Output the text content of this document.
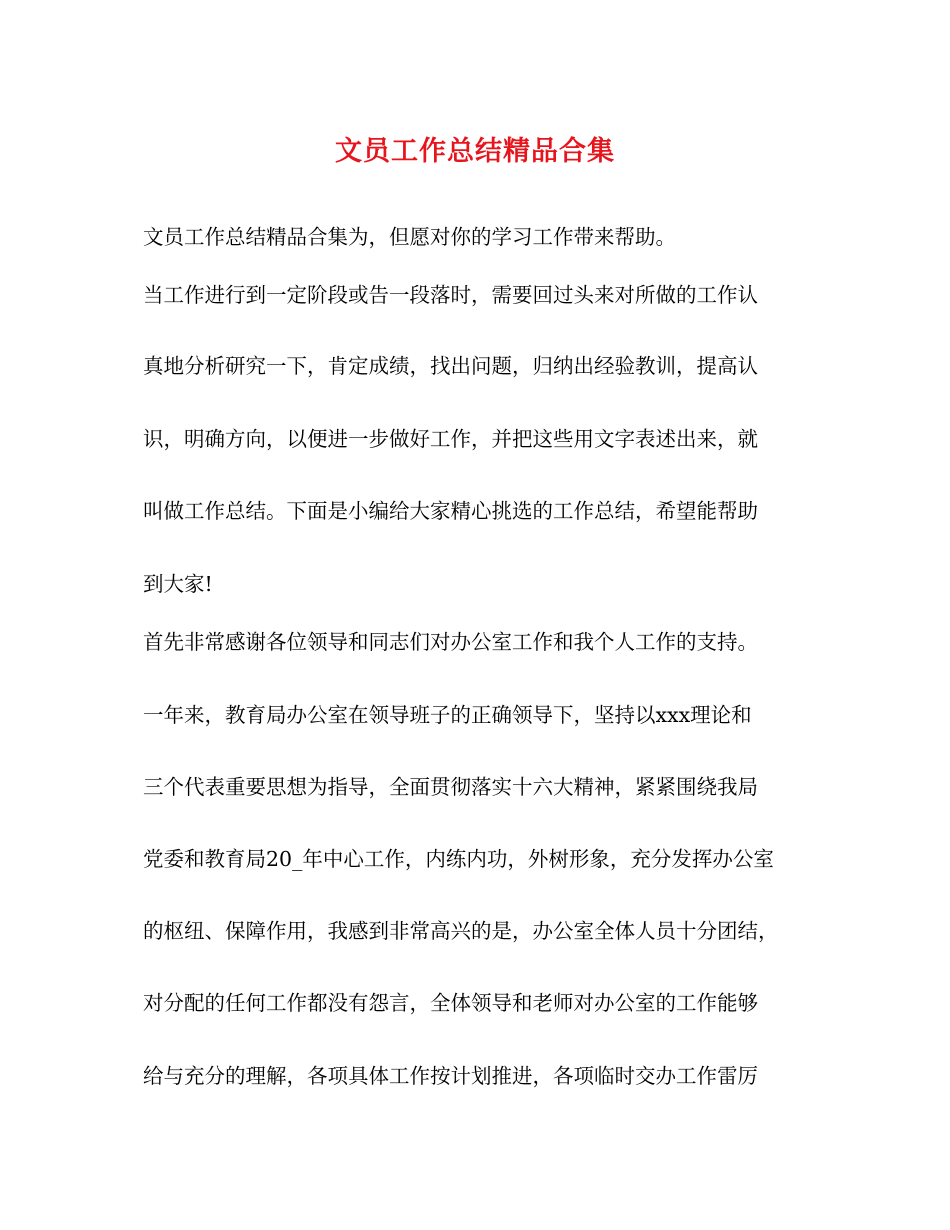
文员工作总结精品合集

文员工作总结精品合集为，但愿对你的学习工作带来帮助。

当工作进行到一定阶段或告一段落时，需要回过头来对所做的工作认

真地分析研究一下，肯定成绩，找出问题，归纳出经验教训，提高认

识，明确方向，以便进一步做好工作，并把这些用文字表述出来，就

叫做工作总结。下面是小编给大家精心挑选的工作总结，希望能帮助

到大家!

首先非常感谢各位领导和同志们对办公室工作和我个人工作的支持。

一年来，教育局办公室在领导班子的正确领导下，坚持以xxx理论和

三个代表重要思想为指导，全面贯彻落实十六大精神，紧紧围绕我局

党委和教育局20_年中心工作，内练内功，外树形象，充分发挥办公室

的枢纽、保障作用，我感到非常高兴的是，办公室全体人员十分团结，

对分配的任何工作都没有怨言，全体领导和老师对办公室的工作能够

给与充分的理解，各项具体工作按计划推进，各项临时交办工作雷厉
